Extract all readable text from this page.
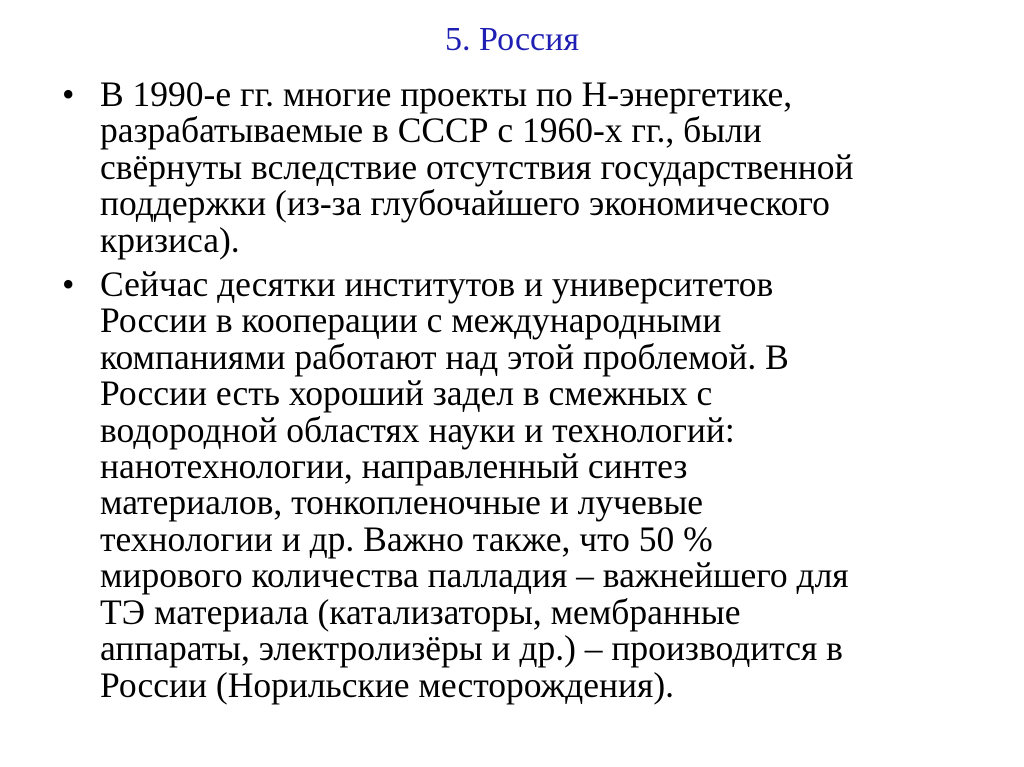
5. Россия
• В 1990-е гг. многие проекты по Н-энергетике,
разрабатываемые в СССР с 1960-х гг., были
свёрнуты вследствие отсутствия государственной
поддержки (из-за глубочайшего экономического
кризиса).
• Сейчас десятки институтов и университетов
России в кооперации с международными
компаниями работают над этой проблемой. В
России есть хороший задел в смежных с
водородной областях науки и технологий:
нанотехнологии, направленный синтез
материалов, тонкопленочные и лучевые
технологии и др. Важно также, что 50 %
мирового количества палладия – важнейшего для
ТЭ материала (катализаторы, мембранные
аппараты, электролизёры и др.) – производится в
России (Норильские месторождения).
